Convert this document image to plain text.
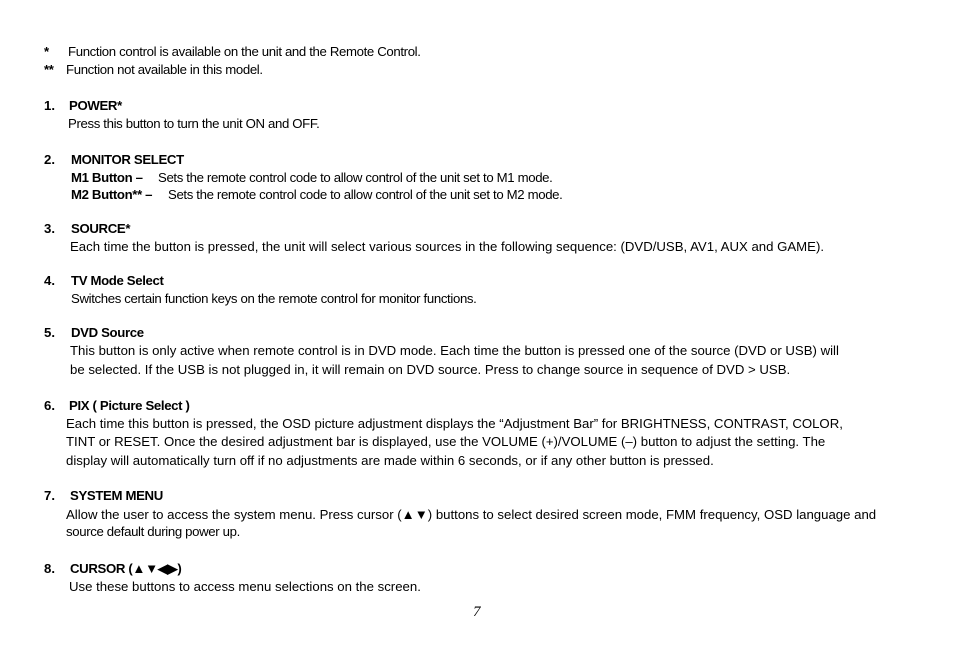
* Function control is available on the unit and the Remote Control.
** Function not available in this model.
1. POWER*
Press this button to turn the unit ON and OFF.
2. MONITOR SELECT
M1 Button – Sets the remote control code to allow control of the unit set to M1 mode.
M2 Button** – Sets the remote control code to allow control of the unit set to M2 mode.
3. SOURCE*
Each time the button is pressed, the unit will select various sources in the following sequence: (DVD/USB, AV1, AUX and GAME).
4. TV Mode Select
Switches certain function keys on the remote control for monitor functions.
5. DVD Source
This button is only active when remote control is in DVD mode. Each time the button is pressed one of the source (DVD or USB) will
be selected. If the USB is not plugged in, it will remain on DVD source. Press to change source in sequence of DVD > USB.
6. PIX ( Picture Select )
Each time this button is pressed, the OSD picture adjustment displays the “Adjustment Bar” for BRIGHTNESS, CONTRAST, COLOR,
TINT or RESET. Once the desired adjustment bar is displayed, use the VOLUME (+)/VOLUME (–) button to adjust the setting. The
display will automatically turn off if no adjustments are made within 6 seconds, or if any other button is pressed.
7. SYSTEM MENU
Allow the user to access the system menu. Press cursor (▲▼) buttons to select desired screen mode, FMM frequency, OSD language and
source default during power up.
8. CURSOR (▲▼◀▶)
Use these buttons to access menu selections on the screen.
7
